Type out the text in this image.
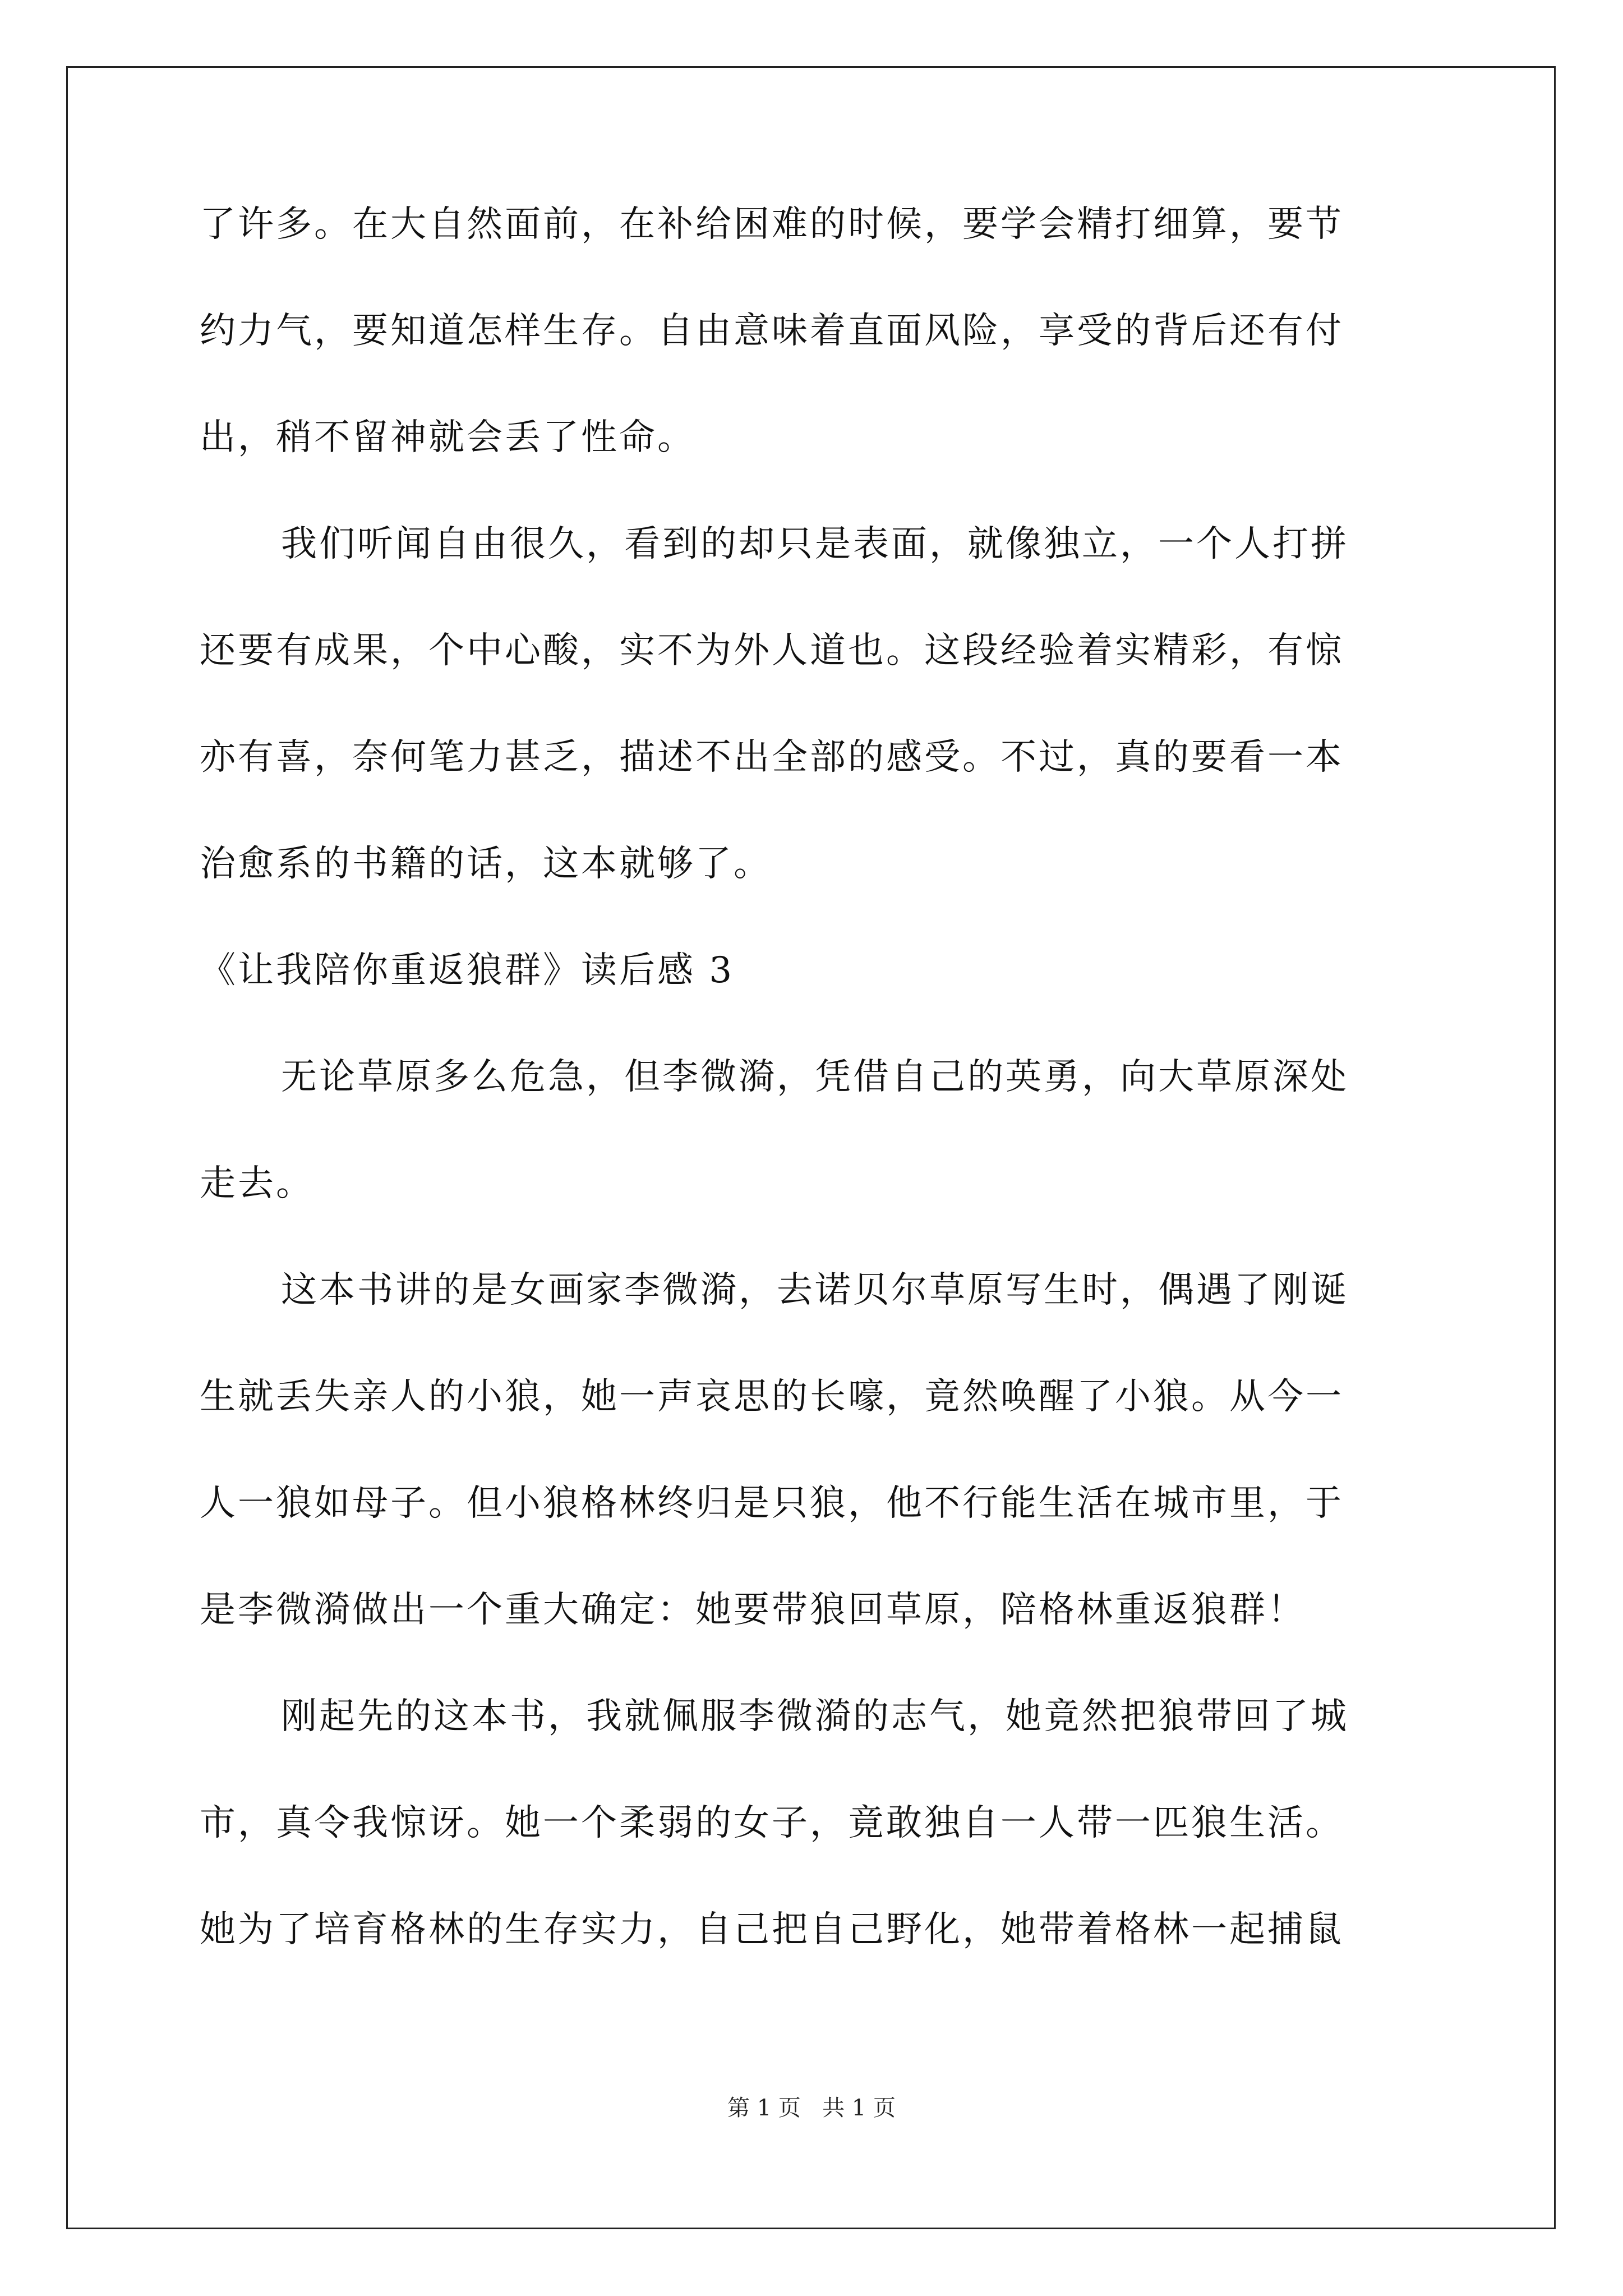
了许多。在大自然面前，在补给困难的时候，要学会精打细算，要节
约力气，要知道怎样生存。自由意味着直面风险，享受的背后还有付
出，稍不留神就会丢了性命。
我们听闻自由很久，看到的却只是表面，就像独立，一个人打拼
还要有成果，个中心酸，实不为外人道也。这段经验着实精彩，有惊
亦有喜，奈何笔力甚乏，描述不出全部的感受。不过，真的要看一本
治愈系的书籍的话，这本就够了。
《让我陪你重返狼群》读后感 3
无论草原多么危急，但李微漪，凭借自己的英勇，向大草原深处
走去。
这本书讲的是女画家李微漪，去诺贝尔草原写生时，偶遇了刚诞
生就丢失亲人的小狼，她一声哀思的长嚎，竟然唤醒了小狼。从今一
人一狼如母子。但小狼格林终归是只狼，他不行能生活在城市里，于
是李微漪做出一个重大确定：她要带狼回草原，陪格林重返狼群！
刚起先的这本书，我就佩服李微漪的志气，她竟然把狼带回了城
市，真令我惊讶。她一个柔弱的女子，竟敢独自一人带一匹狼生活。
她为了培育格林的生存实力，自己把自己野化，她带着格林一起捕鼠
第 1 页   共 1 页
